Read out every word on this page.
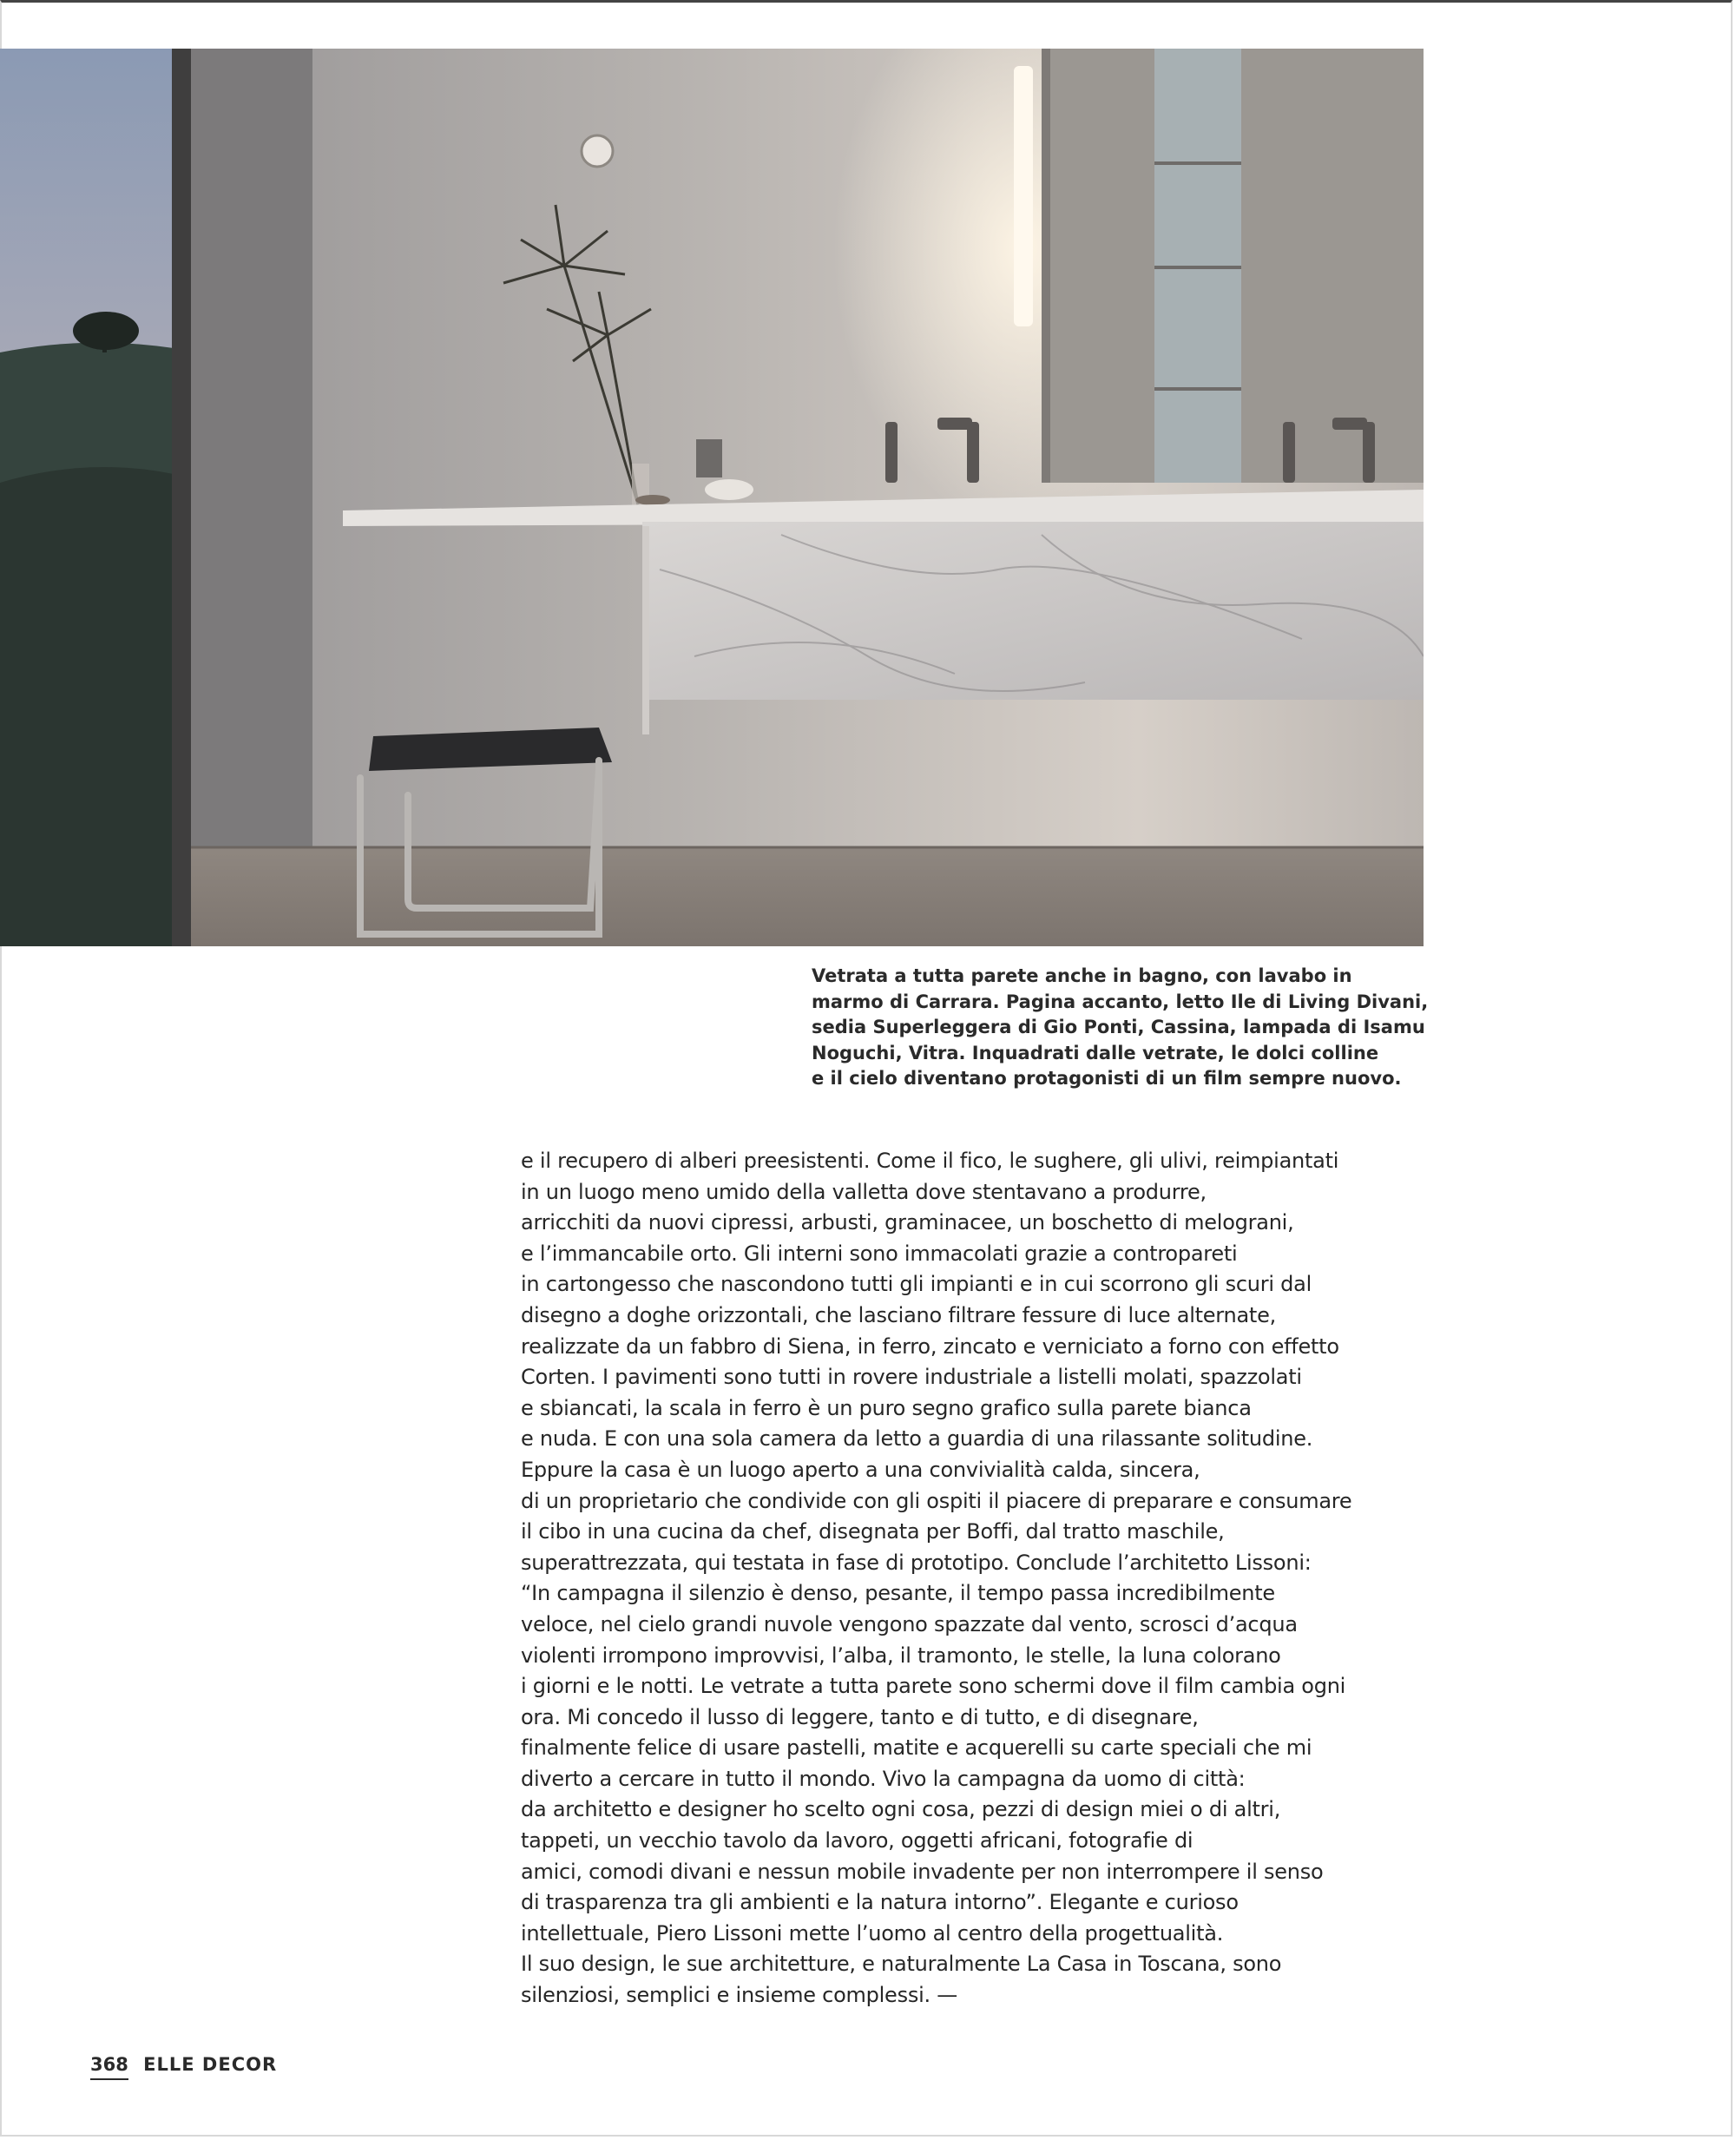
Vetrata a tutta parete anche in bagno, con lavabo in
marmo di Carrara. Pagina accanto, letto Ile di Living Divani,
sedia Superleggera di Gio Ponti, Cassina, lampada di Isamu
Noguchi, Vitra. Inquadrati dalle vetrate, le dolci colline
e il cielo diventano protagonisti di un film sempre nuovo.
e il recupero di alberi preesistenti. Come il fico, le sughere, gli ulivi, reimpiantati
in un luogo meno umido della valletta dove stentavano a produrre,
arricchiti da nuovi cipressi, arbusti, graminacee, un boschetto di melograni,
e l’immancabile orto. Gli interni sono immacolati grazie a contropareti
in cartongesso che nascondono tutti gli impianti e in cui scorrono gli scuri dal
disegno a doghe orizzontali, che lasciano filtrare fessure di luce alternate,
realizzate da un fabbro di Siena, in ferro, zincato e verniciato a forno con effetto
Corten. I pavimenti sono tutti in rovere industriale a listelli molati, spazzolati
e sbiancati, la scala in ferro è un puro segno grafico sulla parete bianca
e nuda. E con una sola camera da letto a guardia di una rilassante solitudine.
Eppure la casa è un luogo aperto a una convivialità calda, sincera,
di un proprietario che condivide con gli ospiti il piacere di preparare e consumare
il cibo in una cucina da chef, disegnata per Boffi, dal tratto maschile,
superattrezzata, qui testata in fase di prototipo. Conclude l’architetto Lissoni:
“In campagna il silenzio è denso, pesante, il tempo passa incredibilmente
veloce, nel cielo grandi nuvole vengono spazzate dal vento, scrosci d’acqua
violenti irrompono improvvisi, l’alba, il tramonto, le stelle, la luna colorano
i giorni e le notti. Le vetrate a tutta parete sono schermi dove il film cambia ogni
ora. Mi concedo il lusso di leggere, tanto e di tutto, e di disegnare,
finalmente felice di usare pastelli, matite e acquerelli su carte speciali che mi
diverto a cercare in tutto il mondo. Vivo la campagna da uomo di città:
da architetto e designer ho scelto ogni cosa, pezzi di design miei o di altri,
tappeti, un vecchio tavolo da lavoro, oggetti africani, fotografie di
amici, comodi divani e nessun mobile invadente per non interrompere il senso
di trasparenza tra gli ambienti e la natura intorno”. Elegante e curioso
intellettuale, Piero Lissoni mette l’uomo al centro della progettualità.
Il suo design, le sue architetture, e naturalmente La Casa in Toscana, sono
silenziosi, semplici e insieme complessi. —
368 ELLE DECOR
